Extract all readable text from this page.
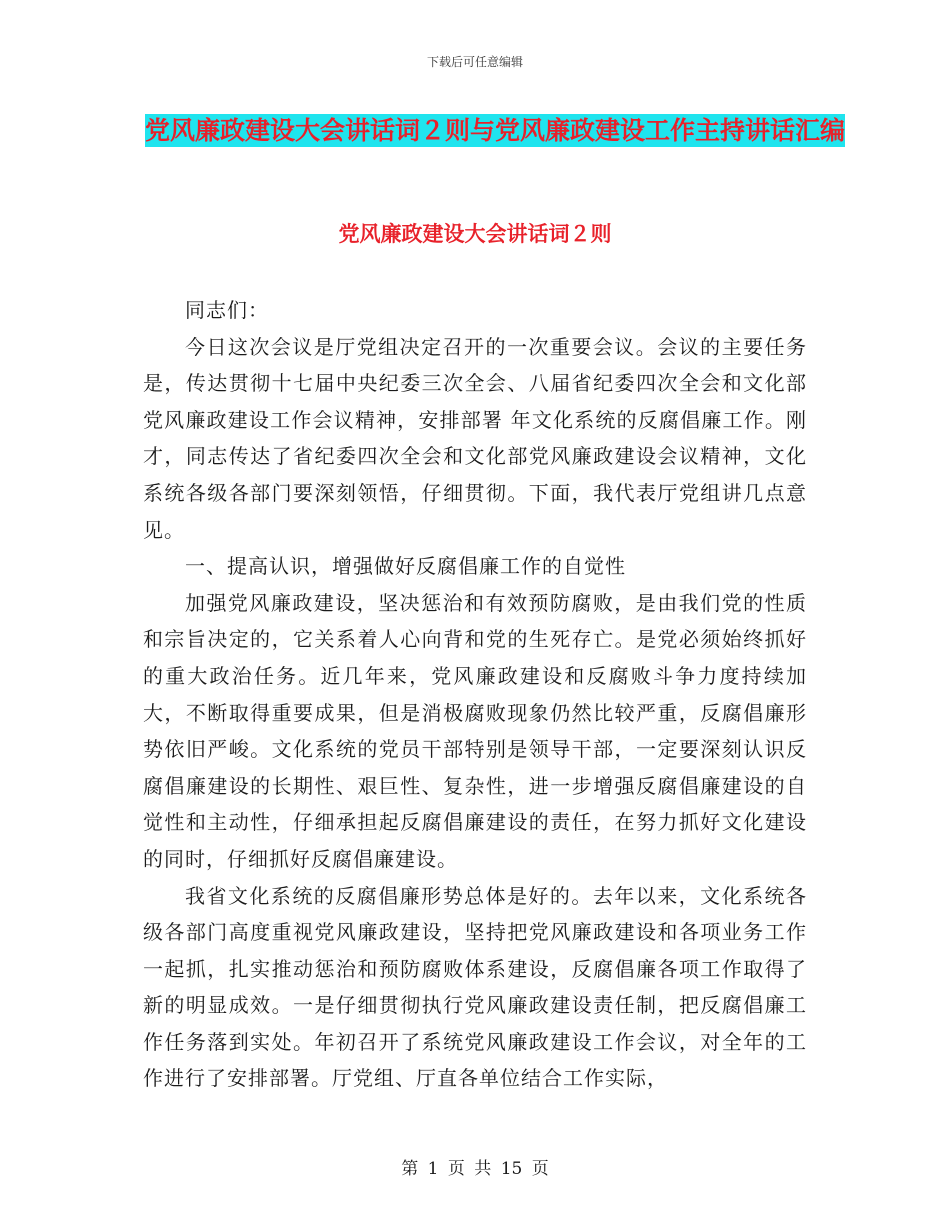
下载后可任意编辑
党风廉政建设大会讲话词２则与党风廉政建设工作主持讲话汇编
党风廉政建设大会讲话词２则

同志们：

今日这次会议是厅党组决定召开的一次重要会议。会议的主要任务是，传达贯彻十七届中央纪委三次全会、八届省纪委四次全会和文化部党风廉政建设工作会议精神，安排部署 年文化系统的反腐倡廉工作。刚才，同志传达了省纪委四次全会和文化部党风廉政建设会议精神，文化系统各级各部门要深刻领悟，仔细贯彻。下面，我代表厅党组讲几点意见。

一、提高认识，增强做好反腐倡廉工作的自觉性

加强党风廉政建设，坚决惩治和有效预防腐败，是由我们党的性质和宗旨决定的，它关系着人心向背和党的生死存亡。是党必须始终抓好的重大政治任务。近几年来，党风廉政建设和反腐败斗争力度持续加大，不断取得重要成果，但是消极腐败现象仍然比较严重，反腐倡廉形势依旧严峻。文化系统的党员干部特别是领导干部，一定要深刻认识反腐倡廉建设的长期性、艰巨性、复杂性，进一步增强反腐倡廉建设的自觉性和主动性，仔细承担起反腐倡廉建设的责任，在努力抓好文化建设的同时，仔细抓好反腐倡廉建设。

我省文化系统的反腐倡廉形势总体是好的。去年以来，文化系统各级各部门高度重视党风廉政建设，坚持把党风廉政建设和各项业务工作一起抓，扎实推动惩治和预防腐败体系建设，反腐倡廉各项工作取得了新的明显成效。一是仔细贯彻执行党风廉政建设责任制，把反腐倡廉工作任务落到实处。年初召开了系统党风廉政建设工作会议，对全年的工作进行了安排部署。厅党组、厅直各单位结合工作实际，

第 1 页 共 15 页
